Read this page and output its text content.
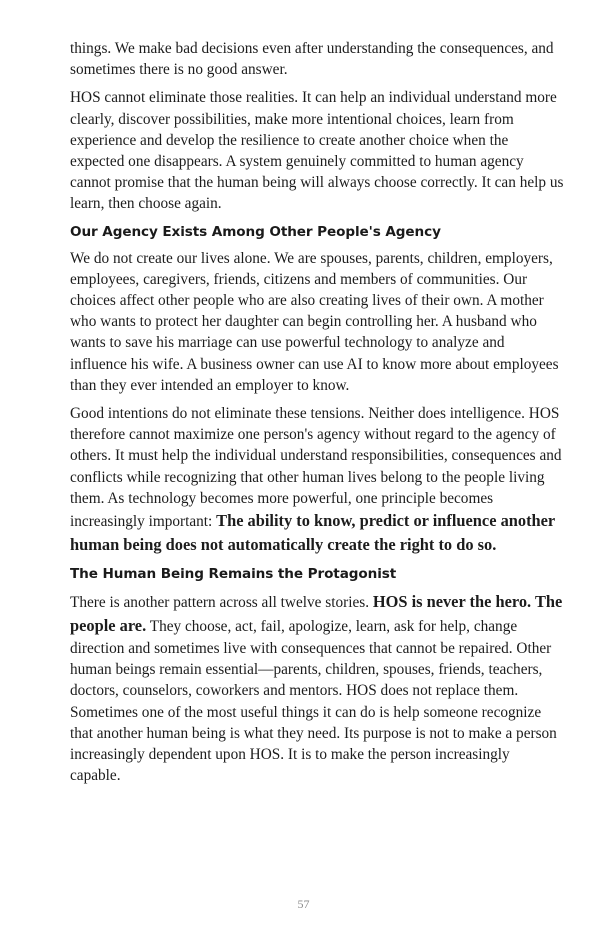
things. We make bad decisions even after understanding the consequences, and sometimes there is no good answer.

HOS cannot eliminate those realities. It can help an individual understand more clearly, discover possibilities, make more intentional choices, learn from experience and develop the resilience to create another choice when the expected one disappears. A system genuinely committed to human agency cannot promise that the human being will always choose correctly. It can help us learn, then choose again.

Our Agency Exists Among Other People's Agency

We do not create our lives alone. We are spouses, parents, children, employers, employees, caregivers, friends, citizens and members of communities. Our choices affect other people who are also creating lives of their own. A mother who wants to protect her daughter can begin controlling her. A husband who wants to save his marriage can use powerful technology to analyze and influence his wife. A business owner can use AI to know more about employees than they ever intended an employer to know.

Good intentions do not eliminate these tensions. Neither does intelligence. HOS therefore cannot maximize one person's agency without regard to the agency of others. It must help the individual understand responsibilities, consequences and conflicts while recognizing that other human lives belong to the people living them. As technology becomes more powerful, one principle becomes increasingly important: The ability to know, predict or influence another human being does not automatically create the right to do so.

The Human Being Remains the Protagonist

There is another pattern across all twelve stories. HOS is never the hero. The people are. They choose, act, fail, apologize, learn, ask for help, change direction and sometimes live with consequences that cannot be repaired. Other human beings remain essential—parents, children, spouses, friends, teachers, doctors, counselors, coworkers and mentors. HOS does not replace them. Sometimes one of the most useful things it can do is help someone recognize that another human being is what they need. Its purpose is not to make a person increasingly dependent upon HOS. It is to make the person increasingly capable.

57
